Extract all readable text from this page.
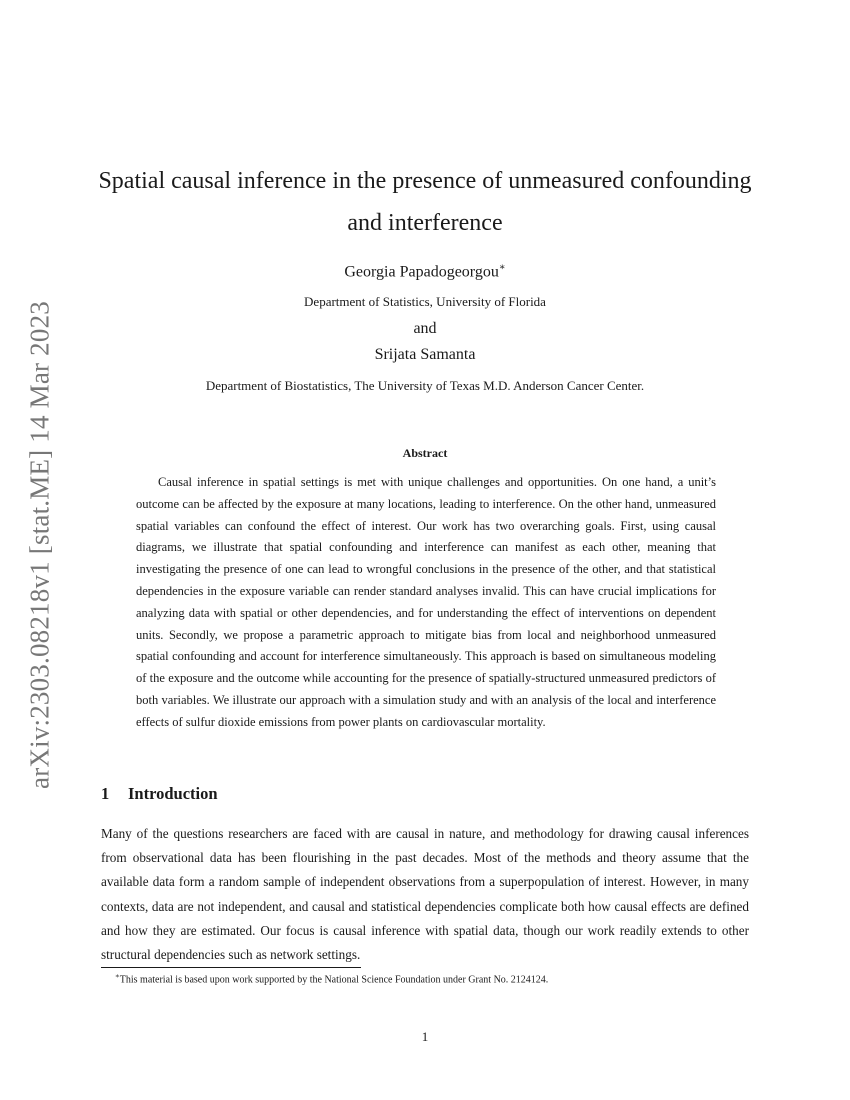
arXiv:2303.08218v1 [stat.ME] 14 Mar 2023
Spatial causal inference in the presence of unmeasured confounding
and interference

Georgia Papadogeorgou∗

Department of Statistics, University of Florida

and

Srijata Samanta

Department of Biostatistics, The University of Texas M.D. Anderson Cancer Center.

Abstract

Causal inference in spatial settings is met with unique challenges and opportunities. On one hand, a unit’s outcome can be affected by the exposure at many locations, leading to interference. On the other hand, unmeasured spatial variables can confound the effect of interest. Our work has two overarching goals. First, using causal diagrams, we illustrate that spatial confounding and interference can manifest as each other, meaning that investigating the presence of one can lead to wrongful conclusions in the presence of the other, and that statistical dependencies in the exposure variable can render standard analyses invalid. This can have crucial implications for analyzing data with spatial or other dependencies, and for understanding the effect of interventions on dependent units. Secondly, we propose a parametric approach to mitigate bias from local and neighborhood unmeasured spatial confounding and account for interference simultaneously. This approach is based on simultaneous modeling of the exposure and the outcome while accounting for the presence of spatially-structured unmeasured predictors of both variables. We illustrate our approach with a simulation study and with an analysis of the local and interference effects of sulfur dioxide emissions from power plants on cardiovascular mortality.

1 Introduction

Many of the questions researchers are faced with are causal in nature, and methodology for drawing causal inferences from observational data has been flourishing in the past decades. Most of the methods and theory assume that the available data form a random sample of independent observations from a superpopulation of interest. However, in many contexts, data are not independent, and causal and statistical dependencies complicate both how causal effects are defined and how they are estimated. Our focus is causal inference with spatial data, though our work readily extends to other structural dependencies such as network settings.

∗This material is based upon work supported by the National Science Foundation under Grant No. 2124124.

1
